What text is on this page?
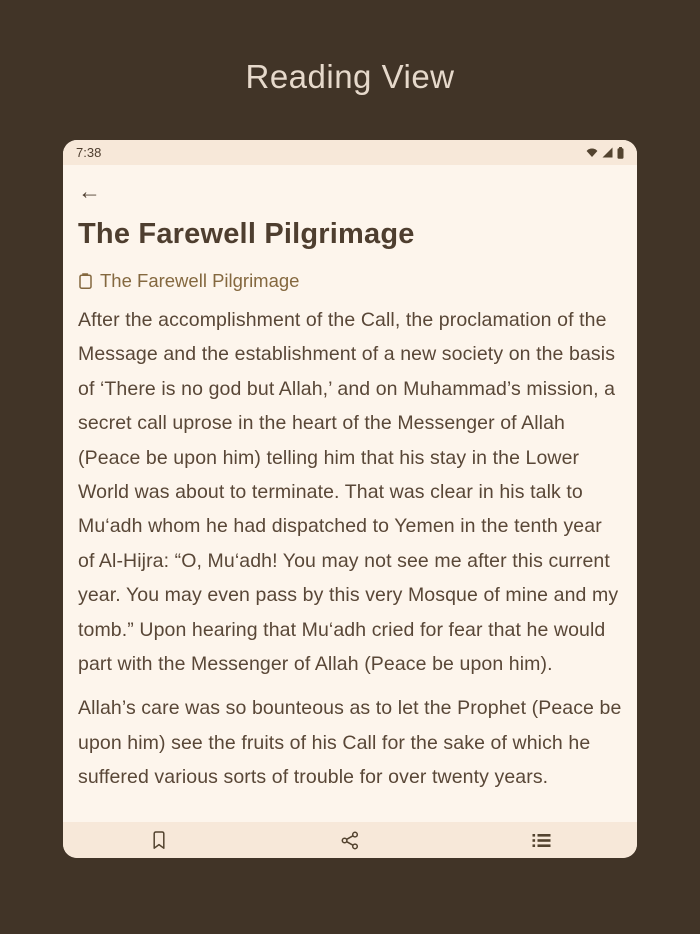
Reading View
7:38
←
The Farewell Pilgrimage
The Farewell Pilgrimage

After the accomplishment of the Call, the proclamation of the Message and the establishment of a new society on the basis of ‘There is no god but Allah,’ and on Muhammad’s mission, a secret call uprose in the heart of the Messenger of Allah (Peace be upon him) telling him that his stay in the Lower World was about to terminate. That was clear in his talk to Mu‘adh whom he had dispatched to Yemen in the tenth year of Al-Hijra: “O, Mu‘adh! You may not see me after this current year. You may even pass by this very Mosque of mine and my tomb.” Upon hearing that Mu‘adh cried for fear that he would part with the Messenger of Allah (Peace be upon him).

Allah’s care was so bounteous as to let the Prophet (Peace be upon him) see the fruits of his Call for the sake of which he suffered various sorts of trouble for over twenty years.
